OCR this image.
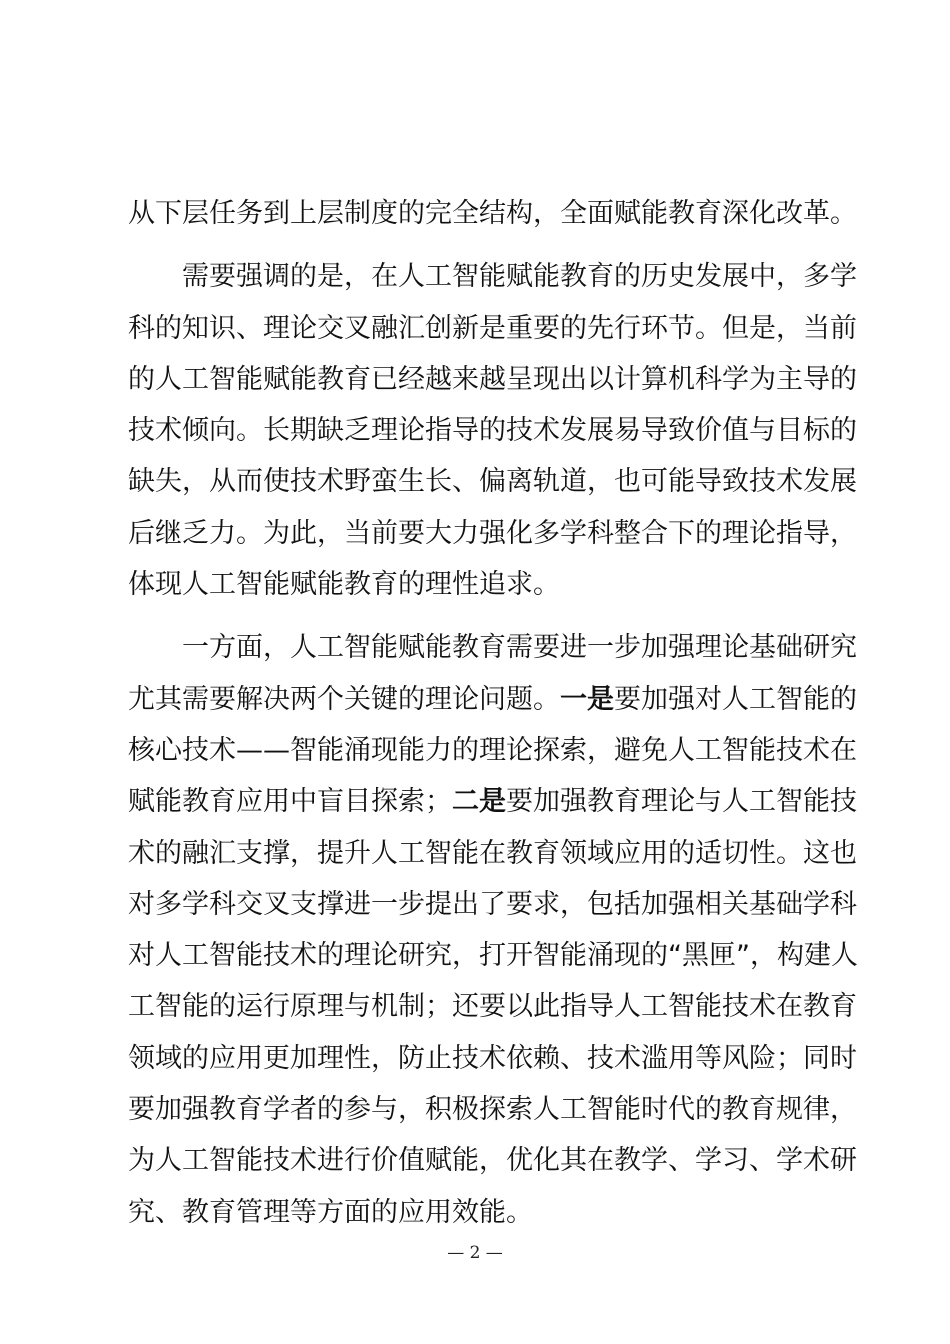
从下层任务到上层制度的完全结构，全面赋能教育深化改革。
需要强调的是，在人工智能赋能教育的历史发展中，多学
科的知识、理论交叉融汇创新是重要的先行环节。但是，当前
的人工智能赋能教育已经越来越呈现出以计算机科学为主导的
技术倾向。长期缺乏理论指导的技术发展易导致价值与目标的
缺失，从而使技术野蛮生长、偏离轨道，也可能导致技术发展
后继乏力。为此，当前要大力强化多学科整合下的理论指导，
体现人工智能赋能教育的理性追求。
一方面，人工智能赋能教育需要进一步加强理论基础研究
尤其需要解决两个关键的理论问题。一是要加强对人工智能的
核心技术——智能涌现能力的理论探索，避免人工智能技术在
赋能教育应用中盲目探索；二是要加强教育理论与人工智能技
术的融汇支撑，提升人工智能在教育领域应用的适切性。这也
对多学科交叉支撑进一步提出了要求，包括加强相关基础学科
对人工智能技术的理论研究，打开智能涌现的“黑匣”，构建人
工智能的运行原理与机制；还要以此指导人工智能技术在教育
领域的应用更加理性，防止技术依赖、技术滥用等风险；同时
要加强教育学者的参与，积极探索人工智能时代的教育规律，
为人工智能技术进行价值赋能，优化其在教学、学习、学术研
究、教育管理等方面的应用效能。
— 2 —
